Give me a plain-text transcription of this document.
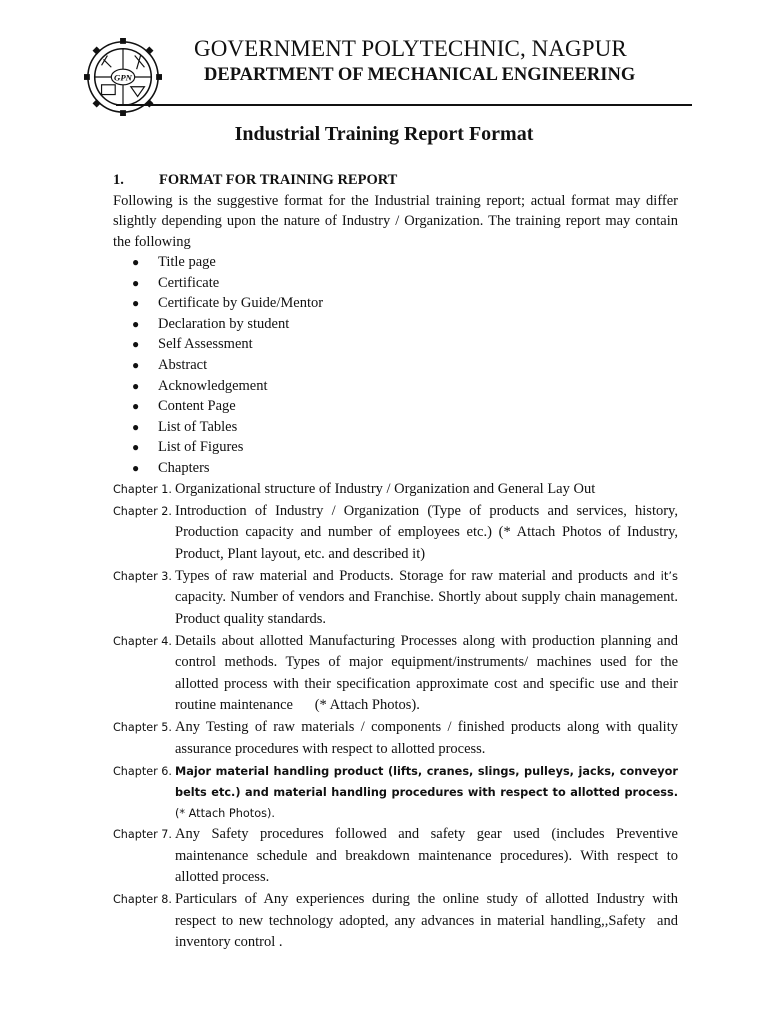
GPN
GOVERNMENT POLYTECHNIC, NAGPUR
DEPARTMENT OF MECHANICAL ENGINEERING
Industrial Training Report Format
1. FORMAT FOR TRAINING REPORT
Following is the suggestive format for the Industrial training report; actual format may differ slightly depending upon the nature of Industry / Organization. The training report may contain the following
● Title page
● Certificate
● Certificate by Guide/Mentor
● Declaration by student
● Self Assessment
● Abstract
● Acknowledgement
● Content Page
● List of Tables
● List of Figures
● Chapters
Chapter 1. Organizational structure of Industry / Organization and General Lay Out
Chapter 2. Introduction of Industry / Organization (Type of products and services, history, Production capacity and number of employees etc.) (* Attach Photos of Industry, Product, Plant layout, etc. and described it)
Chapter 3. Types of raw material and Products. Storage for raw material and products and it’s capacity. Number of vendors and Franchise. Shortly about supply chain management. Product quality standards.
Chapter 4. Details about allotted Manufacturing Processes along with production planning and control methods. Types of major equipment/instruments/ machines used for the allotted process with their specification approximate cost and specific use and their routine maintenance      (* Attach Photos).
Chapter 5. Any Testing of raw materials / components / finished products along with quality assurance procedures with respect to allotted process.
Chapter 6. Major material handling product (lifts, cranes, slings, pulleys, jacks, conveyor belts etc.) and material handling procedures with respect to allotted process. (* Attach Photos).
Chapter 7. Any Safety procedures followed and safety gear used (includes Preventive maintenance schedule and breakdown maintenance procedures). With respect to allotted process.
Chapter 8. Particulars of Any experiences during the online study of allotted Industry with respect to new technology adopted, any advances in material handling,,Safety  and inventory control .
